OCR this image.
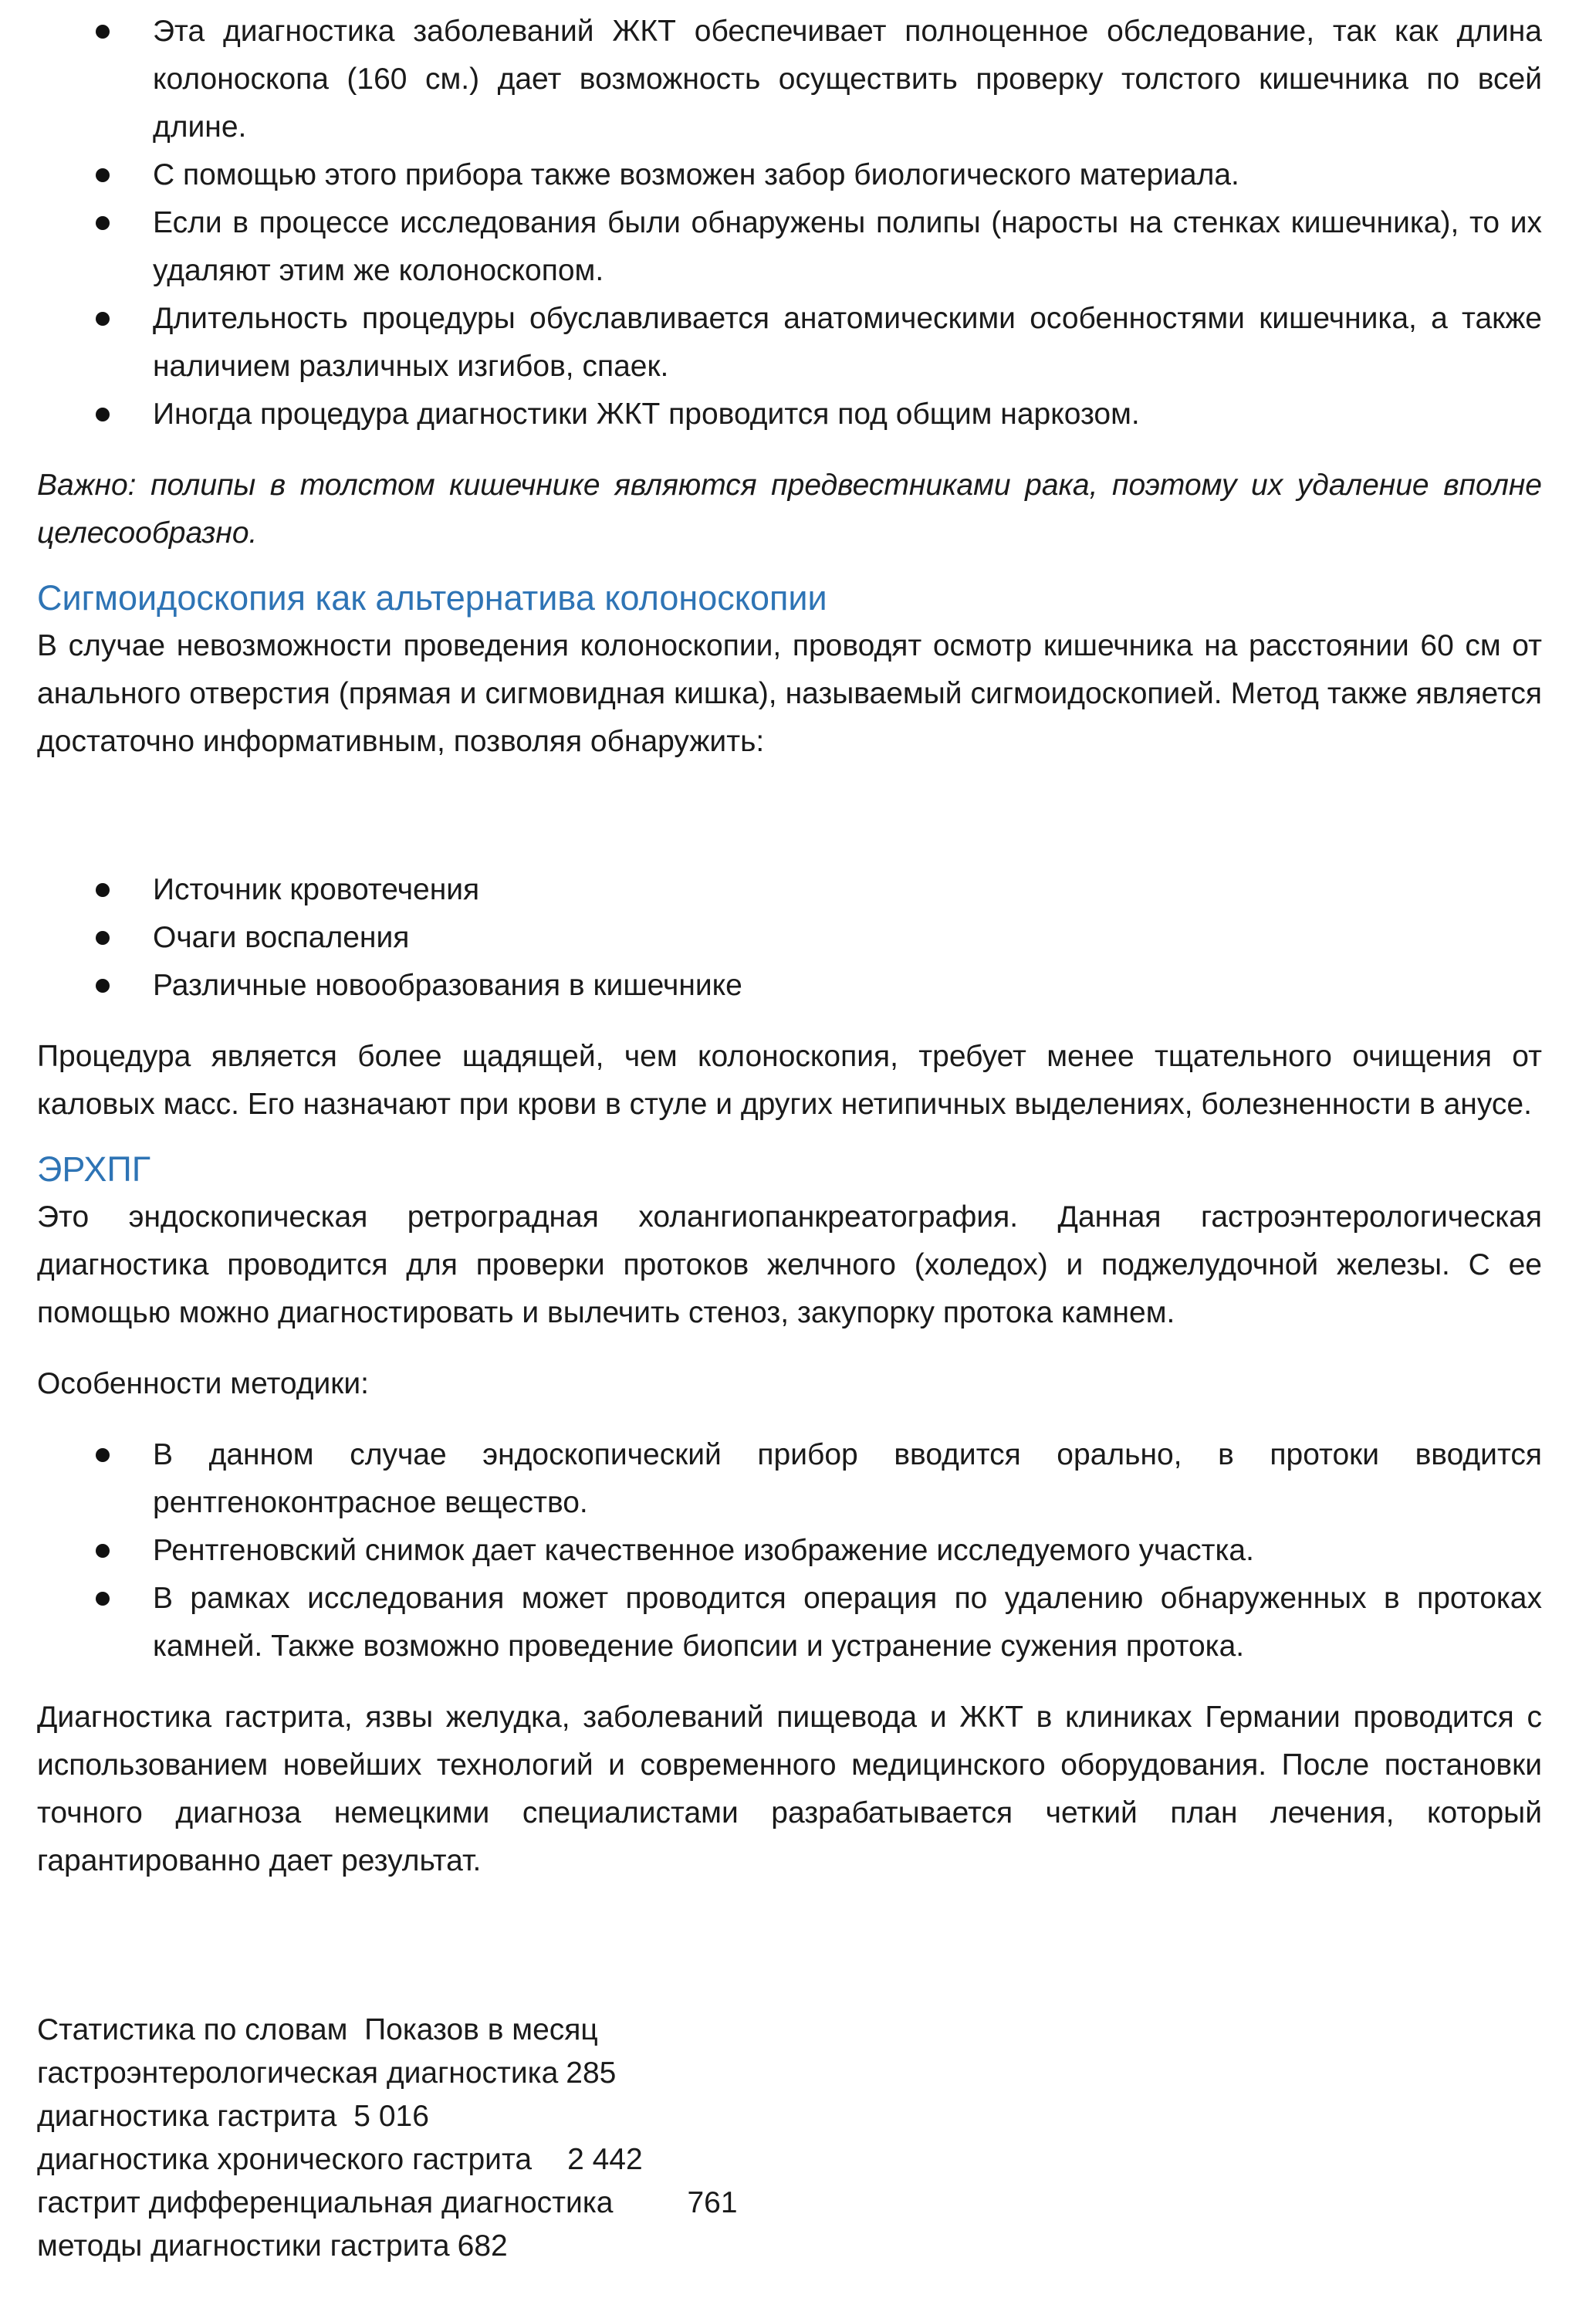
Эта диагностика заболеваний ЖКТ обеспечивает полноценное обследование, так как длина колоноскопа (160 см.) дает возможность осуществить проверку толстого кишечника по всей длине.
С помощью этого прибора также возможен забор биологического материала.
Если в процессе исследования были обнаружены полипы (наросты на стенках кишечника), то их удаляют этим же колоноскопом.
Длительность процедуры обуславливается анатомическими особенностями кишечника, а также наличием различных изгибов, спаек.
Иногда процедура диагностики ЖКТ проводится под общим наркозом.

Важно: полипы в толстом кишечнике являются предвестниками рака, поэтому их удаление вполне целесообразно.

Сигмоидоскопия как альтернатива колоноскопии

В случае невозможности проведения колоноскопии, проводят осмотр кишечника на расстоянии 60 см от анального отверстия (прямая и сигмовидная кишка), называемый сигмоидоскопией. Метод также является достаточно информативным, позволяя обнаружить:

Источник кровотечения
Очаги воспаления
Различные новообразования в кишечнике

Процедура является более щадящей, чем колоноскопия, требует менее тщательного очищения от каловых масс. Его назначают при крови в стуле и других нетипичных выделениях, болезненности в анусе.

ЭРХПГ

Это эндоскопическая ретроградная холангиопанкреатография. Данная гастроэнтерологическая диагностика проводится для проверки протоков желчного (холедох) и поджелудочной железы. С ее помощью можно диагностировать и вылечить стеноз, закупорку протока камнем.

Особенности методики:

В данном случае эндоскопический прибор вводится орально, в протоки вводится рентгеноконтрасное вещество.
Рентгеновский снимок дает качественное изображение исследуемого участка.
В рамках исследования может проводится операция по удалению обнаруженных в протоках камней. Также возможно проведение биопсии и устранение сужения протока.

Диагностика гастрита, язвы желудка, заболеваний пищевода и ЖКТ в клиниках Германии проводится с использованием новейших технологий и современного медицинского оборудования. После постановки точного диагноза немецкими специалистами разрабатывается четкий план лечения, который гарантированно дает результат.

Статистика по словам  Показов в месяц
гастроэнтерологическая диагностика 285
диагностика гастрита 5 016
диагностика хронического гастрита 2 442
гастрит дифференциальная диагностика 761
методы диагностики гастрита 682
